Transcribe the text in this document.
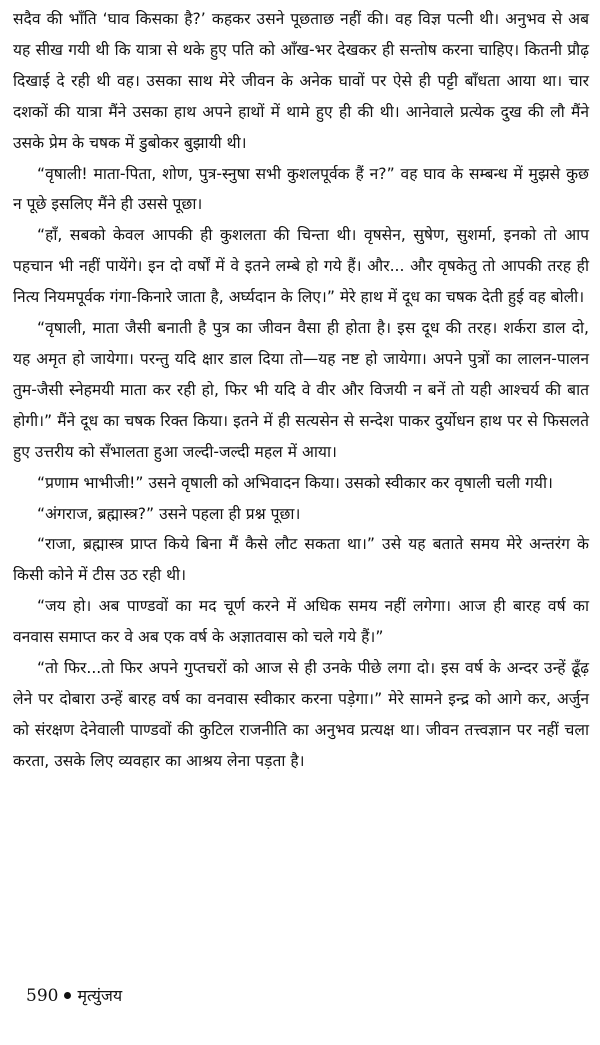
सदैव की भाँति ‘घाव किसका है?’ कहकर उसने पूछताछ नहीं की। वह विज्ञ पत्नी थी। अनुभव से अब यह सीख गयी थी कि यात्रा से थके हुए पति को आँख-भर देखकर ही सन्तोष करना चाहिए। कितनी प्रौढ़ दिखाई दे रही थी वह। उसका साथ मेरे जीवन के अनेक घावों पर ऐसे ही पट्टी बाँधता आया था। चार दशकों की यात्रा मैंने उसका हाथ अपने हाथों में थामे हुए ही की थी। आनेवाले प्रत्येक दुख की लौ मैंने उसके प्रेम के चषक में डुबोकर बुझायी थी।

“वृषाली! माता-पिता, शोण, पुत्र-स्नुषा सभी कुशलपूर्वक हैं न?” वह घाव के सम्बन्ध में मुझसे कुछ न पूछे इसलिए मैंने ही उससे पूछा।

“हाँ, सबको केवल आपकी ही कुशलता की चिन्ता थी। वृषसेन, सुषेण, सुशर्मा, इनको तो आप पहचान भी नहीं पायेंगे। इन दो वर्षों में वे इतने लम्बे हो गये हैं। और... और वृषकेतु तो आपकी तरह ही नित्य नियमपूर्वक गंगा-किनारे जाता है, अर्घ्यदान के लिए।” मेरे हाथ में दूध का चषक देती हुई वह बोली।

“वृषाली, माता जैसी बनाती है पुत्र का जीवन वैसा ही होता है। इस दूध की तरह। शर्करा डाल दो, यह अमृत हो जायेगा। परन्तु यदि क्षार डाल दिया तो—यह नष्ट हो जायेगा। अपने पुत्रों का लालन-पालन तुम-जैसी स्नेहमयी माता कर रही हो, फिर भी यदि वे वीर और विजयी न बनें तो यही आश्चर्य की बात होगी।” मैंने दूध का चषक रिक्त किया। इतने में ही सत्यसेन से सन्देश पाकर दुर्योधन हाथ पर से फिसलते हुए उत्तरीय को सँभालता हुआ जल्दी-जल्दी महल में आया।

“प्रणाम भाभीजी!” उसने वृषाली को अभिवादन किया। उसको स्वीकार कर वृषाली चली गयी।

“अंगराज, ब्रह्मास्त्र?” उसने पहला ही प्रश्न पूछा।

“राजा, ब्रह्मास्त्र प्राप्त किये बिना मैं कैसे लौट सकता था।” उसे यह बताते समय मेरे अन्तरंग के किसी कोने में टीस उठ रही थी।

“जय हो। अब पाण्डवों का मद चूर्ण करने में अधिक समय नहीं लगेगा। आज ही बारह वर्ष का वनवास समाप्त कर वे अब एक वर्ष के अज्ञातवास को चले गये हैं।”

“तो फिर...तो फिर अपने गुप्तचरों को आज से ही उनके पीछे लगा दो। इस वर्ष के अन्दर उन्हें ढूँढ़ लेने पर दोबारा उन्हें बारह वर्ष का वनवास स्वीकार करना पड़ेगा।” मेरे सामने इन्द्र को आगे कर, अर्जुन को संरक्षण देनेवाली पाण्डवों की कुटिल राजनीति का अनुभव प्रत्यक्ष था। जीवन तत्त्वज्ञान पर नहीं चला करता, उसके लिए व्यवहार का आश्रय लेना पड़ता है।

590 मृत्युंजय
